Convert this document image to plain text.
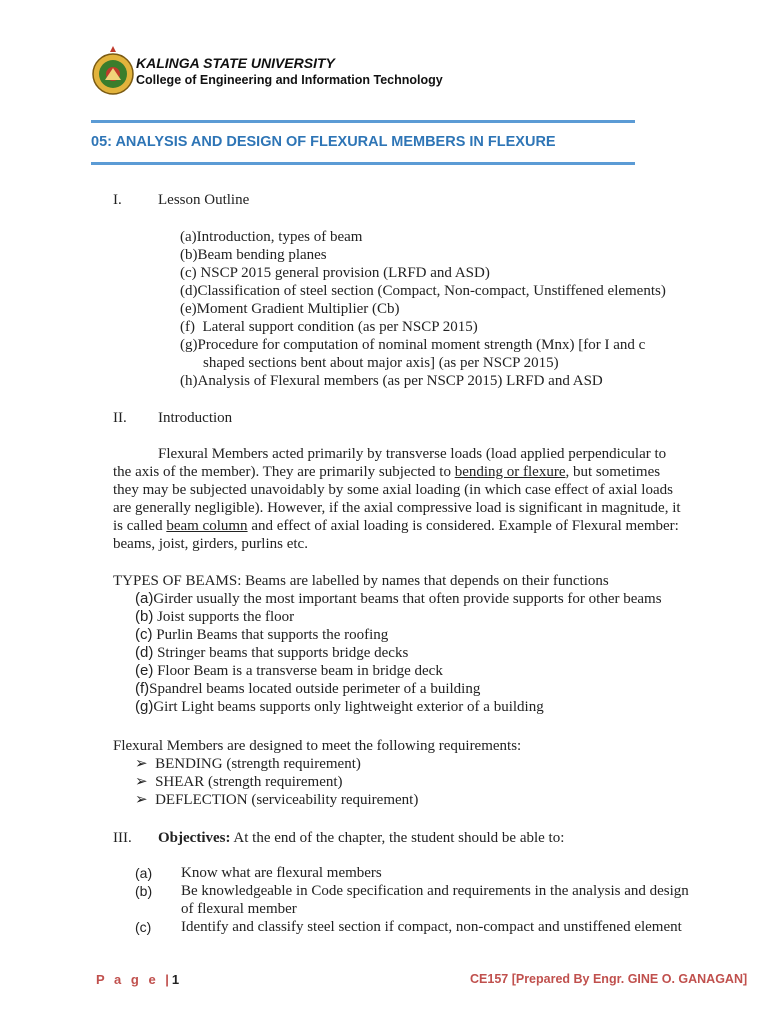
KALINGA STATE UNIVERSITY
College of Engineering and Information Technology
05: ANALYSIS AND DESIGN OF FLEXURAL MEMBERS IN FLEXURE
I. Lesson Outline
(a)Introduction, types of beam
(b)Beam bending planes
(c) NSCP 2015 general provision (LRFD and ASD)
(d)Classification of steel section (Compact, Non-compact, Unstiffened elements)
(e)Moment Gradient Multiplier (Cb)
(f) Lateral support condition (as per NSCP 2015)
(g)Procedure for computation of nominal moment strength (Mnx) [for I and c
shaped sections bent about major axis] (as per NSCP 2015)
(h)Analysis of Flexural members (as per NSCP 2015) LRFD and ASD
II. Introduction
Flexural Members acted primarily by transverse loads (load applied perpendicular to
the axis of the member). They are primarily subjected to bending or flexure, but sometimes
they may be subjected unavoidably by some axial loading (in which case effect of axial loads
are generally negligible). However, if the axial compressive load is significant in magnitude, it
is called beam column and effect of axial loading is considered. Example of Flexural member:
beams, joist, girders, purlins etc.
TYPES OF BEAMS: Beams are labelled by names that depends on their functions
(a)Girder usually the most important beams that often provide supports for other beams
(b) Joist supports the floor
(c) Purlin Beams that supports the roofing
(d) Stringer beams that supports bridge decks
(e) Floor Beam is a transverse beam in bridge deck
(f)Spandrel beams located outside perimeter of a building
(g)Girt Light beams supports only lightweight exterior of a building
Flexural Members are designed to meet the following requirements:
➢ BENDING (strength requirement)
➢ SHEAR (strength requirement)
➢ DEFLECTION (serviceability requirement)
III. Objectives: At the end of the chapter, the student should be able to:
(a) Know what are flexural members
(b) Be knowledgeable in Code specification and requirements in the analysis and design
of flexural member
(c) Identify and classify steel section if compact, non-compact and unstiffened element
P a g e |1	CE157 [Prepared By Engr. GINE O. GANAGAN]
